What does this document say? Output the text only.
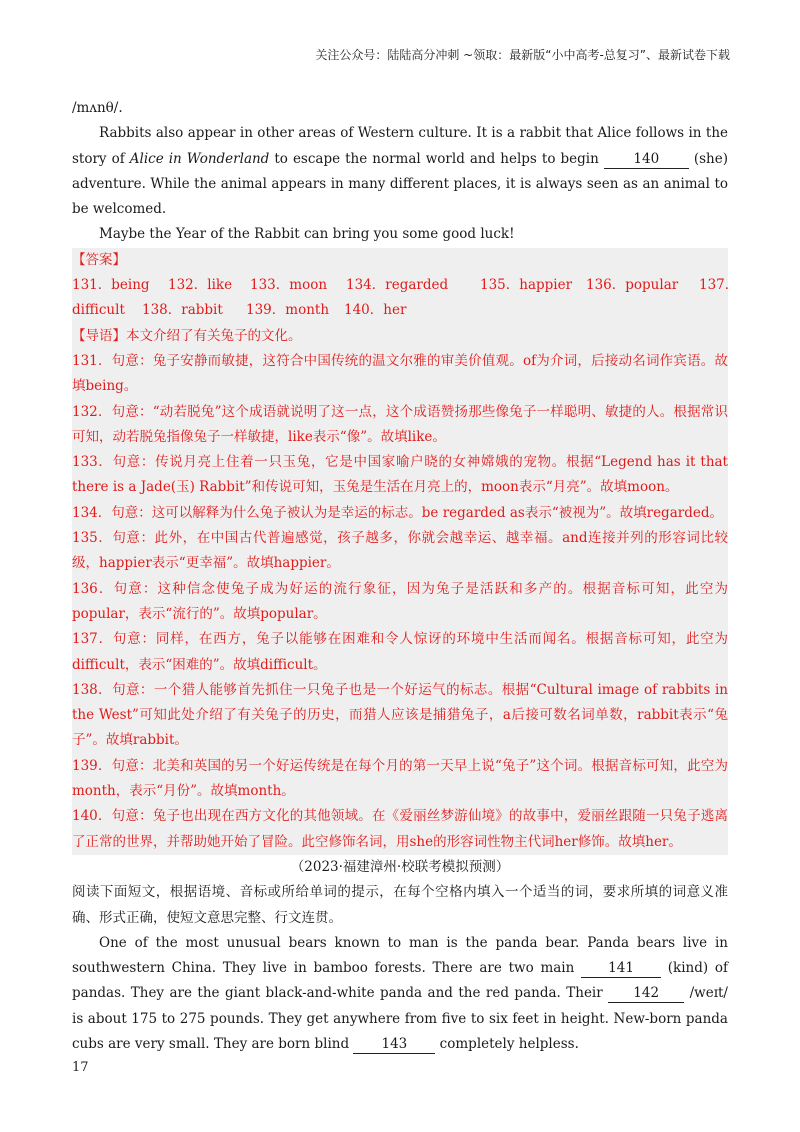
关注公众号：陆陆高分冲刺 ~领取：最新版“小中高考-总复习”、最新试卷下载

/mʌnθ/.

Rabbits also appear in other areas of Western culture. It is a rabbit that Alice follows in the story of Alice in Wonderland to escape the normal world and helps to begin 140 (she) adventure. While the animal appears in many different places, it is always seen as an animal to be welcomed.

Maybe the Year of the Rabbit can bring you some good luck!

【答案】

131．being 132．like 133．moon 134．regarded 135．happier 136．popular 137．

difficult 138．rabbit 139．month 140．her

【导语】本文介绍了有关兔子的文化。

131．句意：兔子安静而敏捷，这符合中国传统的温文尔雅的审美价值观。of为介词，后接动名词作宾语。故填being。

132．句意：“动若脱兔”这个成语就说明了这一点，这个成语赞扬那些像兔子一样聪明、敏捷的人。根据常识可知，动若脱兔指像兔子一样敏捷，like表示“像”。故填like。

133．句意：传说月亮上住着一只玉兔，它是中国家喻户晓的女神嫦娥的宠物。根据“Legend has it that there is a Jade(玉) Rabbit”和传说可知，玉兔是生活在月亮上的，moon表示“月亮”。故填moon。

134．句意：这可以解释为什么兔子被认为是幸运的标志。be regarded as表示“被视为”。故填regarded。

135．句意：此外，在中国古代普遍感觉，孩子越多，你就会越幸运、越幸福。and连接并列的形容词比较级，happier表示“更幸福”。故填happier。

136．句意：这种信念使兔子成为好运的流行象征，因为兔子是活跃和多产的。根据音标可知，此空为popular，表示“流行的”。故填popular。

137．句意：同样，在西方，兔子以能够在困难和令人惊讶的环境中生活而闻名。根据音标可知，此空为difficult，表示“困难的”。故填difficult。

138．句意：一个猎人能够首先抓住一只兔子也是一个好运气的标志。根据“Cultural image of rabbits in the West”可知此处介绍了有关兔子的历史，而猎人应该是捕猎兔子，a后接可数名词单数，rabbit表示“兔子”。故填rabbit。

139．句意：北美和英国的另一个好运传统是在每个月的第一天早上说“兔子”这个词。根据音标可知，此空为month，表示“月份”。故填month。

140．句意：兔子也出现在西方文化的其他领域。在《爱丽丝梦游仙境》的故事中，爱丽丝跟随一只兔子逃离了正常的世界，并帮助她开始了冒险。此空修饰名词，用she的形容词性物主代词her修饰。故填her。

（2023·福建漳州·校联考模拟预测）

阅读下面短文，根据语境、音标或所给单词的提示，在每个空格内填入一个适当的词，要求所填的词意义准确、形式正确，使短文意思完整、行文连贯。

One of the most unusual bears known to man is the panda bear. Panda bears live in southwestern China. They live in bamboo forests. There are two main 141 (kind) of pandas. They are the giant black-and-white panda and the red panda. Their 142 /weɪt/ is about 175 to 275 pounds. They get anywhere from five to six feet in height. New-born panda cubs are very small. They are born blind 143 completely helpless.

17
